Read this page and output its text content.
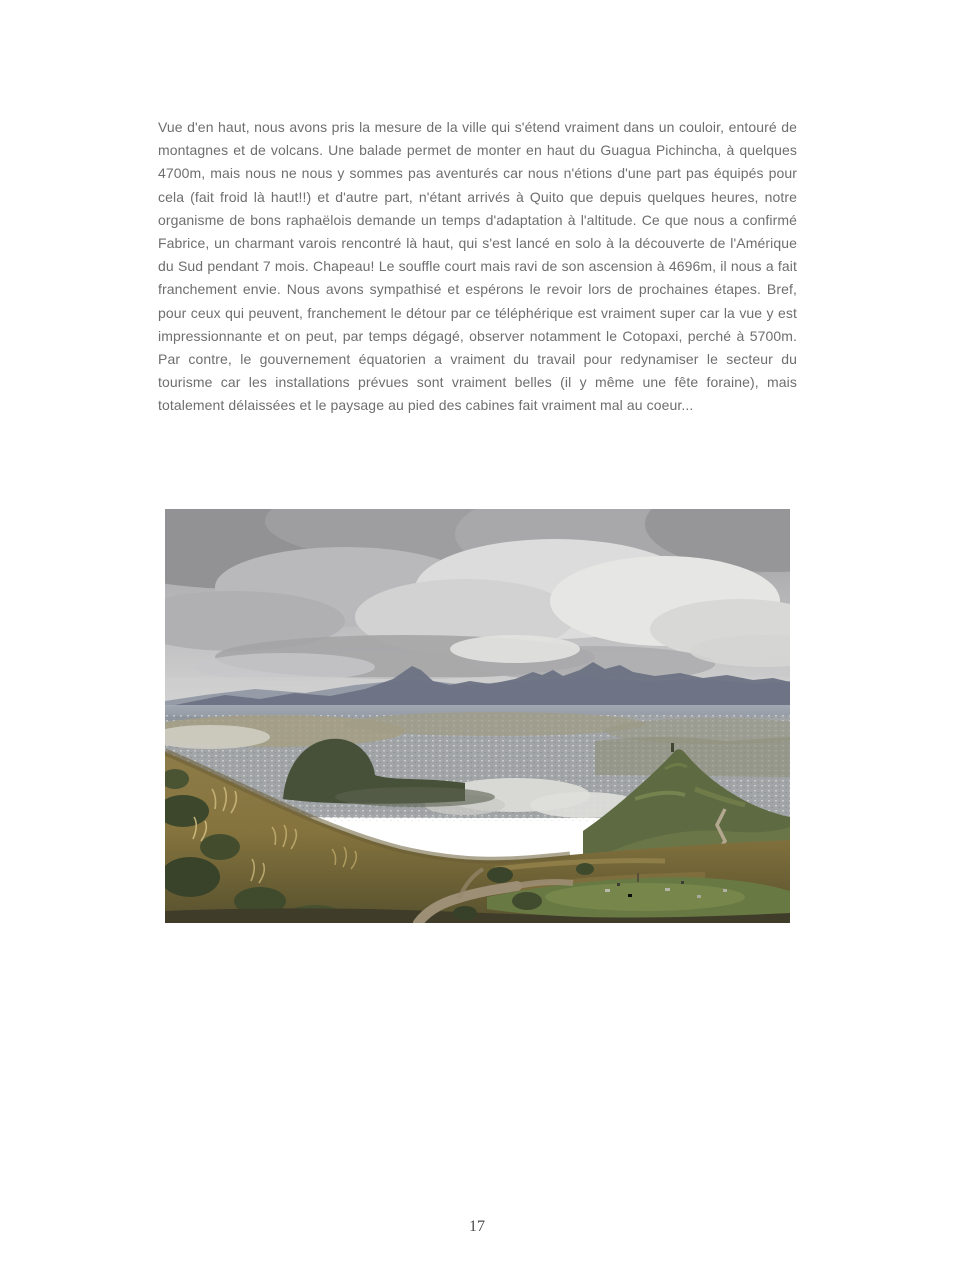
Vue d'en haut, nous avons pris la mesure de la ville qui s'étend vraiment dans un couloir, entouré de montagnes et de volcans. Une balade permet de monter en haut du Guagua Pichincha, à quelques 4700m, mais nous ne nous y sommes pas aventurés car nous n'étions d'une part pas équipés pour cela (fait froid là haut!!) et d'autre part, n'étant arrivés à Quito que depuis quelques heures, notre organisme de bons raphaëlois demande un temps d'adaptation à l'altitude. Ce que nous a confirmé Fabrice, un charmant varois rencontré là haut, qui s'est lancé en solo à la découverte de l'Amérique du Sud pendant 7 mois. Chapeau! Le souffle court mais ravi de son ascension à 4696m, il nous a fait franchement envie. Nous avons sympathisé et espérons le revoir lors de prochaines étapes. Bref, pour ceux qui peuvent, franchement le détour par ce téléphérique est vraiment super car la vue y est impressionnante et on peut, par temps dégagé, observer notamment le Cotopaxi, perché à 5700m. Par contre, le gouvernement équatorien a vraiment du travail pour redynamiser le secteur du tourisme car les installations prévues sont vraiment belles (il y même une fête foraine), mais totalement délaissées et le paysage au pied des cabines fait vraiment mal au coeur...

17
